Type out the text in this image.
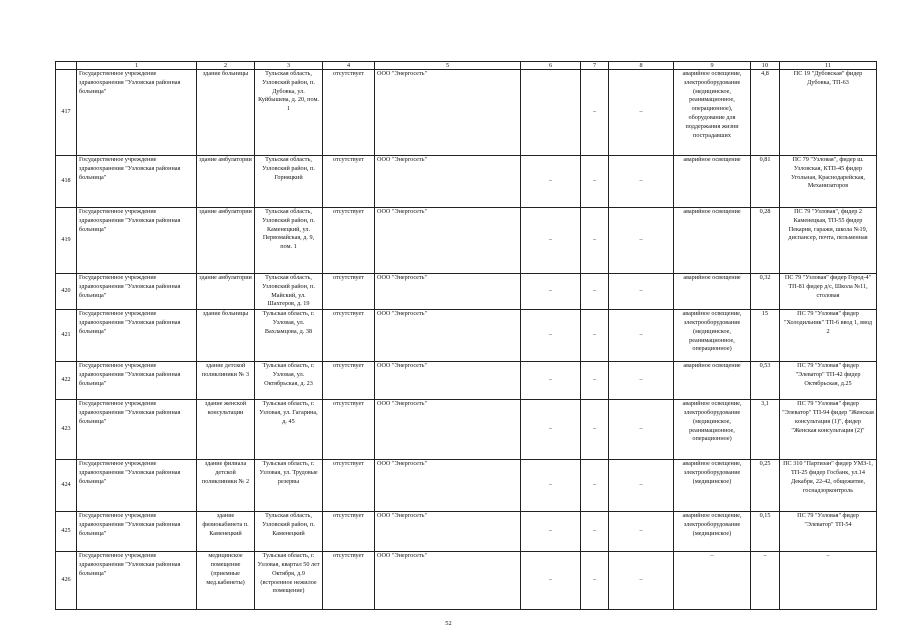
	1	2	3	4	5	6	7	8	9	10	11
417	Государственное учреждение здравоохранения "Узловская районная больница"	здание больницы	Тульская область, Узловский район, п. Дубовка, ул. Куйбышева, д. 20, пом. 1	отсутствует	ООО "Энергосеть"		–	–	аварийное освещение, электрооборудование (медицинское, реанимационное, операционное), оборудование для поддержания жизни пострадавших	4,8	ПС 19 "Дубовская" фидер Дубовка, ТП-63
418	Государственное учреждение здравоохранения "Узловская районная больница"	здание амбулатории	Тульская область, Узловский район, п. Горняцкий	отсутствует	ООО "Энергосеть"	–	–	–	аварийное освещение	0,81	ПС 79 "Узловая", фидер ш. Узловская, КТП-45 фидер Угольная, Краснодарейская, Механизаторов
419	Государственное учреждение здравоохранения "Узловская районная больница"	здание амбулатории	Тульская область, Узловский район, п. Каменецкий, ул. Первомайская, д. 9, пом. 1	отсутствует	ООО "Энергосеть"	–	–	–	аварийное освещение	0,28	ПС 79 "Узловая", фидер 2 Каменецкая, ТП-55 фидер Пекарня, гаражи, школа №19, диспансер, почта, пельменная
420	Государственное учреждение здравоохранения "Узловская районная больница"	здание амбулатории	Тульская область, Узловский район, п. Майский, ул. Шахтеров, д. 19	отсутствует	ООО "Энергосеть"	–	–	–	аварийное освещение	0,32	ПС 79 "Узловая" фидер Город-4" ТП-81 фидер д/с, Школа №11, столовая
421	Государственное учреждение здравоохранения "Узловская районная больница"	здание больницы	Тульская область, г. Узловая, ул. Вахламцова, д. 38	отсутствует	ООО "Энергосеть"	–	–	–	аварийное освещение, электрооборудование (медицинское, реанимационное, операционное)	15	ПС 79 "Узловая" фидер "Холодильник" ТП-6 ввод 1, ввод 2
422	Государственное учреждение здравоохранения "Узловская районная больница"	здание детской поликлиники № 3	Тульская область, г. Узловая, ул. Октябрьская, д. 23	отсутствует	ООО "Энергосеть"	–	–	–	аварийное освещение	0,53	ПС 79 "Узловая" фидер "Элеватор" ТП-42 фидер Октябрьская, д.25
423	Государственное учреждение здравоохранения "Узловская районная больница"	здание женской консультации	Тульская область, г. Узловая, ул. Гагарина, д. 45	отсутствует	ООО "Энергосеть"	–	–	–	аварийное освещение, электрооборудование (медицинское, реанимационное, операционное)	3,1	ПС 79 "Узловая" фидер "Элеватор" ТП-94 фидер "Женская консультация (1)", фидер "Женская консультация (2)"
424	Государственное учреждение здравоохранения "Узловская районная больница"	здание филиала детской поликлиники № 2	Тульская область, г. Узловая, ул. Трудовые резервы	отсутствует	ООО "Энергосеть"	–	–	–	аварийное освещение, электрооборудование (медицинское)	0,25	ПС 310 "Партизан" фидер УМЗ-1, ТП-25 фидер Госбанк, ул.14 Декабря, 22-42, общежитие, госнадзорконтроль
425	Государственное учреждение здравоохранения "Узловская районная больница"	здание физиокабинета п. Каменецкий	Тульская область, Узловский район, п. Каменецкий	отсутствует	ООО "Энергосеть"	–	–	–	аварийное освещение, электрооборудование (медицинское)	0,15	ПС 79 "Узловая" фидер "Элеватор" ТП-54
426	Государственное учреждение здравоохранения "Узловская районная больница"	медицинское помещение (приемные мед.кабинеты)	Тульская область, г. Узловая, квартал 50 лет Октября, д.9 (встроенное нежилое помещение)	отсутствует	ООО "Энергосеть"	–	–	–	–	–	–
52
